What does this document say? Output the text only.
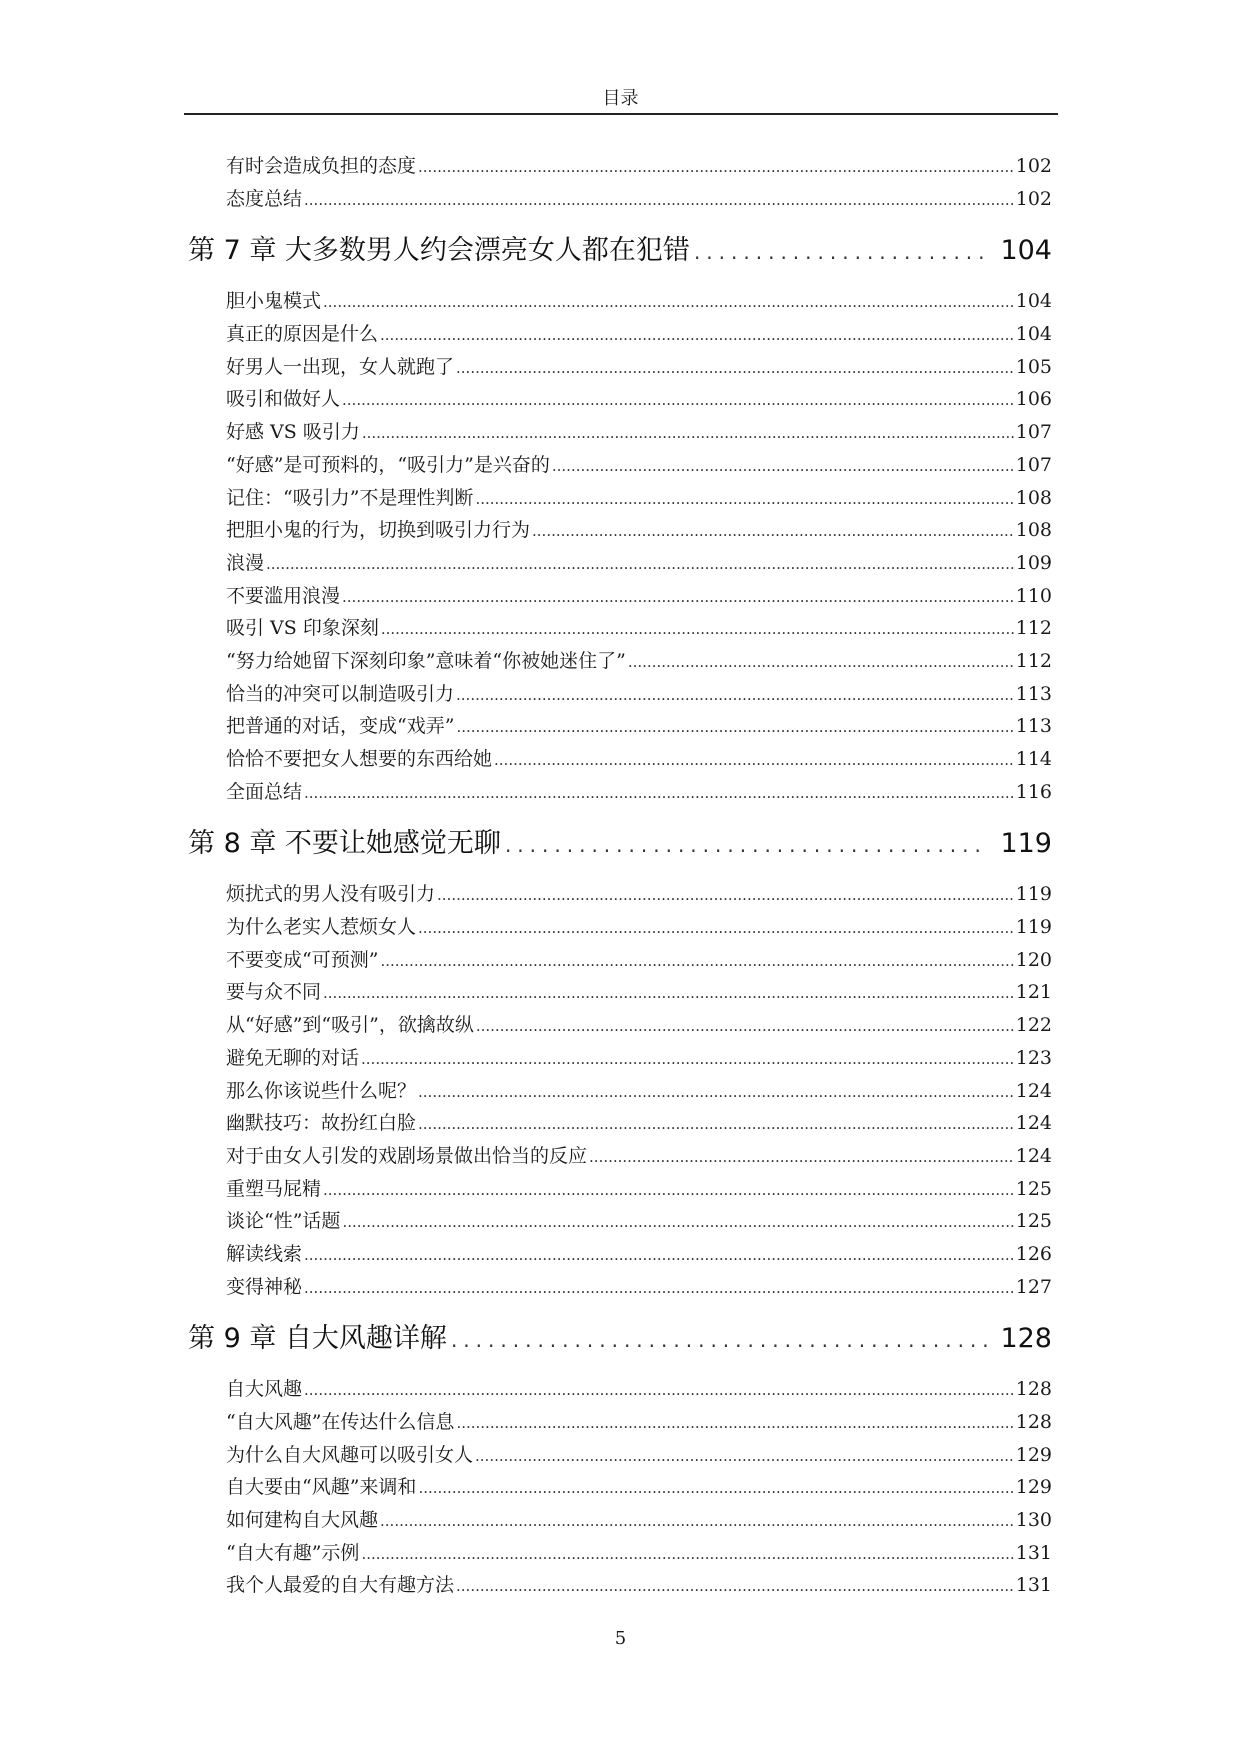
目录
有时会造成负担的态度 .....	102
态度总结 .....	102
第 7 章 大多数男人约会漂亮女人都在犯错 .....	104
胆小鬼模式 .....	104
真正的原因是什么 .....	104
好男人一出现，女人就跑了 .....	105
吸引和做好人 .....	106
好感 VS 吸引力 .....	107
“好感”是可预料的，“吸引力”是兴奋的 .....	107
记住：“吸引力”不是理性判断 .....	108
把胆小鬼的行为，切换到吸引力行为 .....	108
浪漫 .....	109
不要滥用浪漫 .....	110
吸引 VS 印象深刻 .....	112
“努力给她留下深刻印象”意味着“你被她迷住了” .....	112
恰当的冲突可以制造吸引力 .....	113
把普通的对话，变成“戏弄” .....	113
恰恰不要把女人想要的东西给她 .....	114
全面总结 .....	116
第 8 章 不要让她感觉无聊 .....	119
烦扰式的男人没有吸引力 .....	119
为什么老实人惹烦女人 .....	119
不要变成“可预测” .....	120
要与众不同 .....	121
从“好感”到“吸引”，欲擒故纵 .....	122
避免无聊的对话 .....	123
那么你该说些什么呢？ .....	124
幽默技巧：故扮红白脸 .....	124
对于由女人引发的戏剧场景做出恰当的反应 .....	124
重塑马屁精 .....	125
谈论“性”话题 .....	125
解读线索 .....	126
变得神秘 .....	127
第 9 章 自大风趣详解 .....	128
自大风趣 .....	128
“自大风趣”在传达什么信息 .....	128
为什么自大风趣可以吸引女人 .....	129
自大要由“风趣”来调和 .....	129
如何建构自大风趣 .....	130
“自大有趣”示例 .....	131
我个人最爱的自大有趣方法 .....	131
5
